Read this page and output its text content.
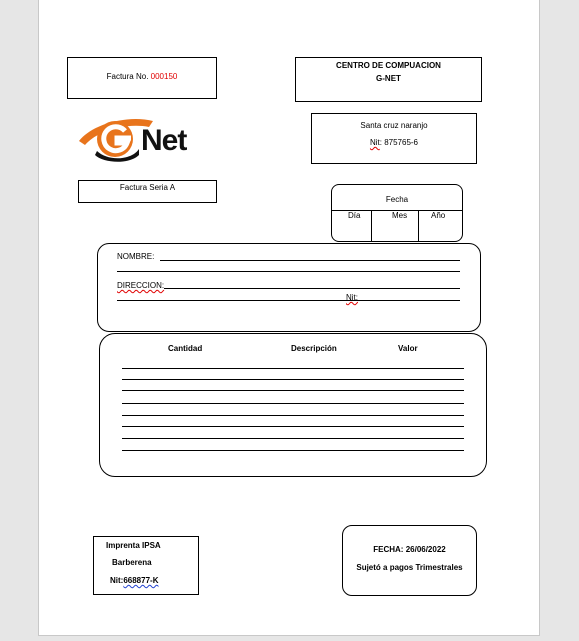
Factura No. 000150
CENTRO DE COMPUACION
G-NET
Net	Santa cruz naranjo
Nit: 875765-6
Factura Seria A
Fecha
Día	Mes	Año
NOMBRE:
DIRECCION:
Nit:
Cantidad	Descripción	Valor
Imprenta IPSA
Barberena
Nit:668877-K
FECHA: 26/06/2022
Sujetó a pagos Trimestrales
